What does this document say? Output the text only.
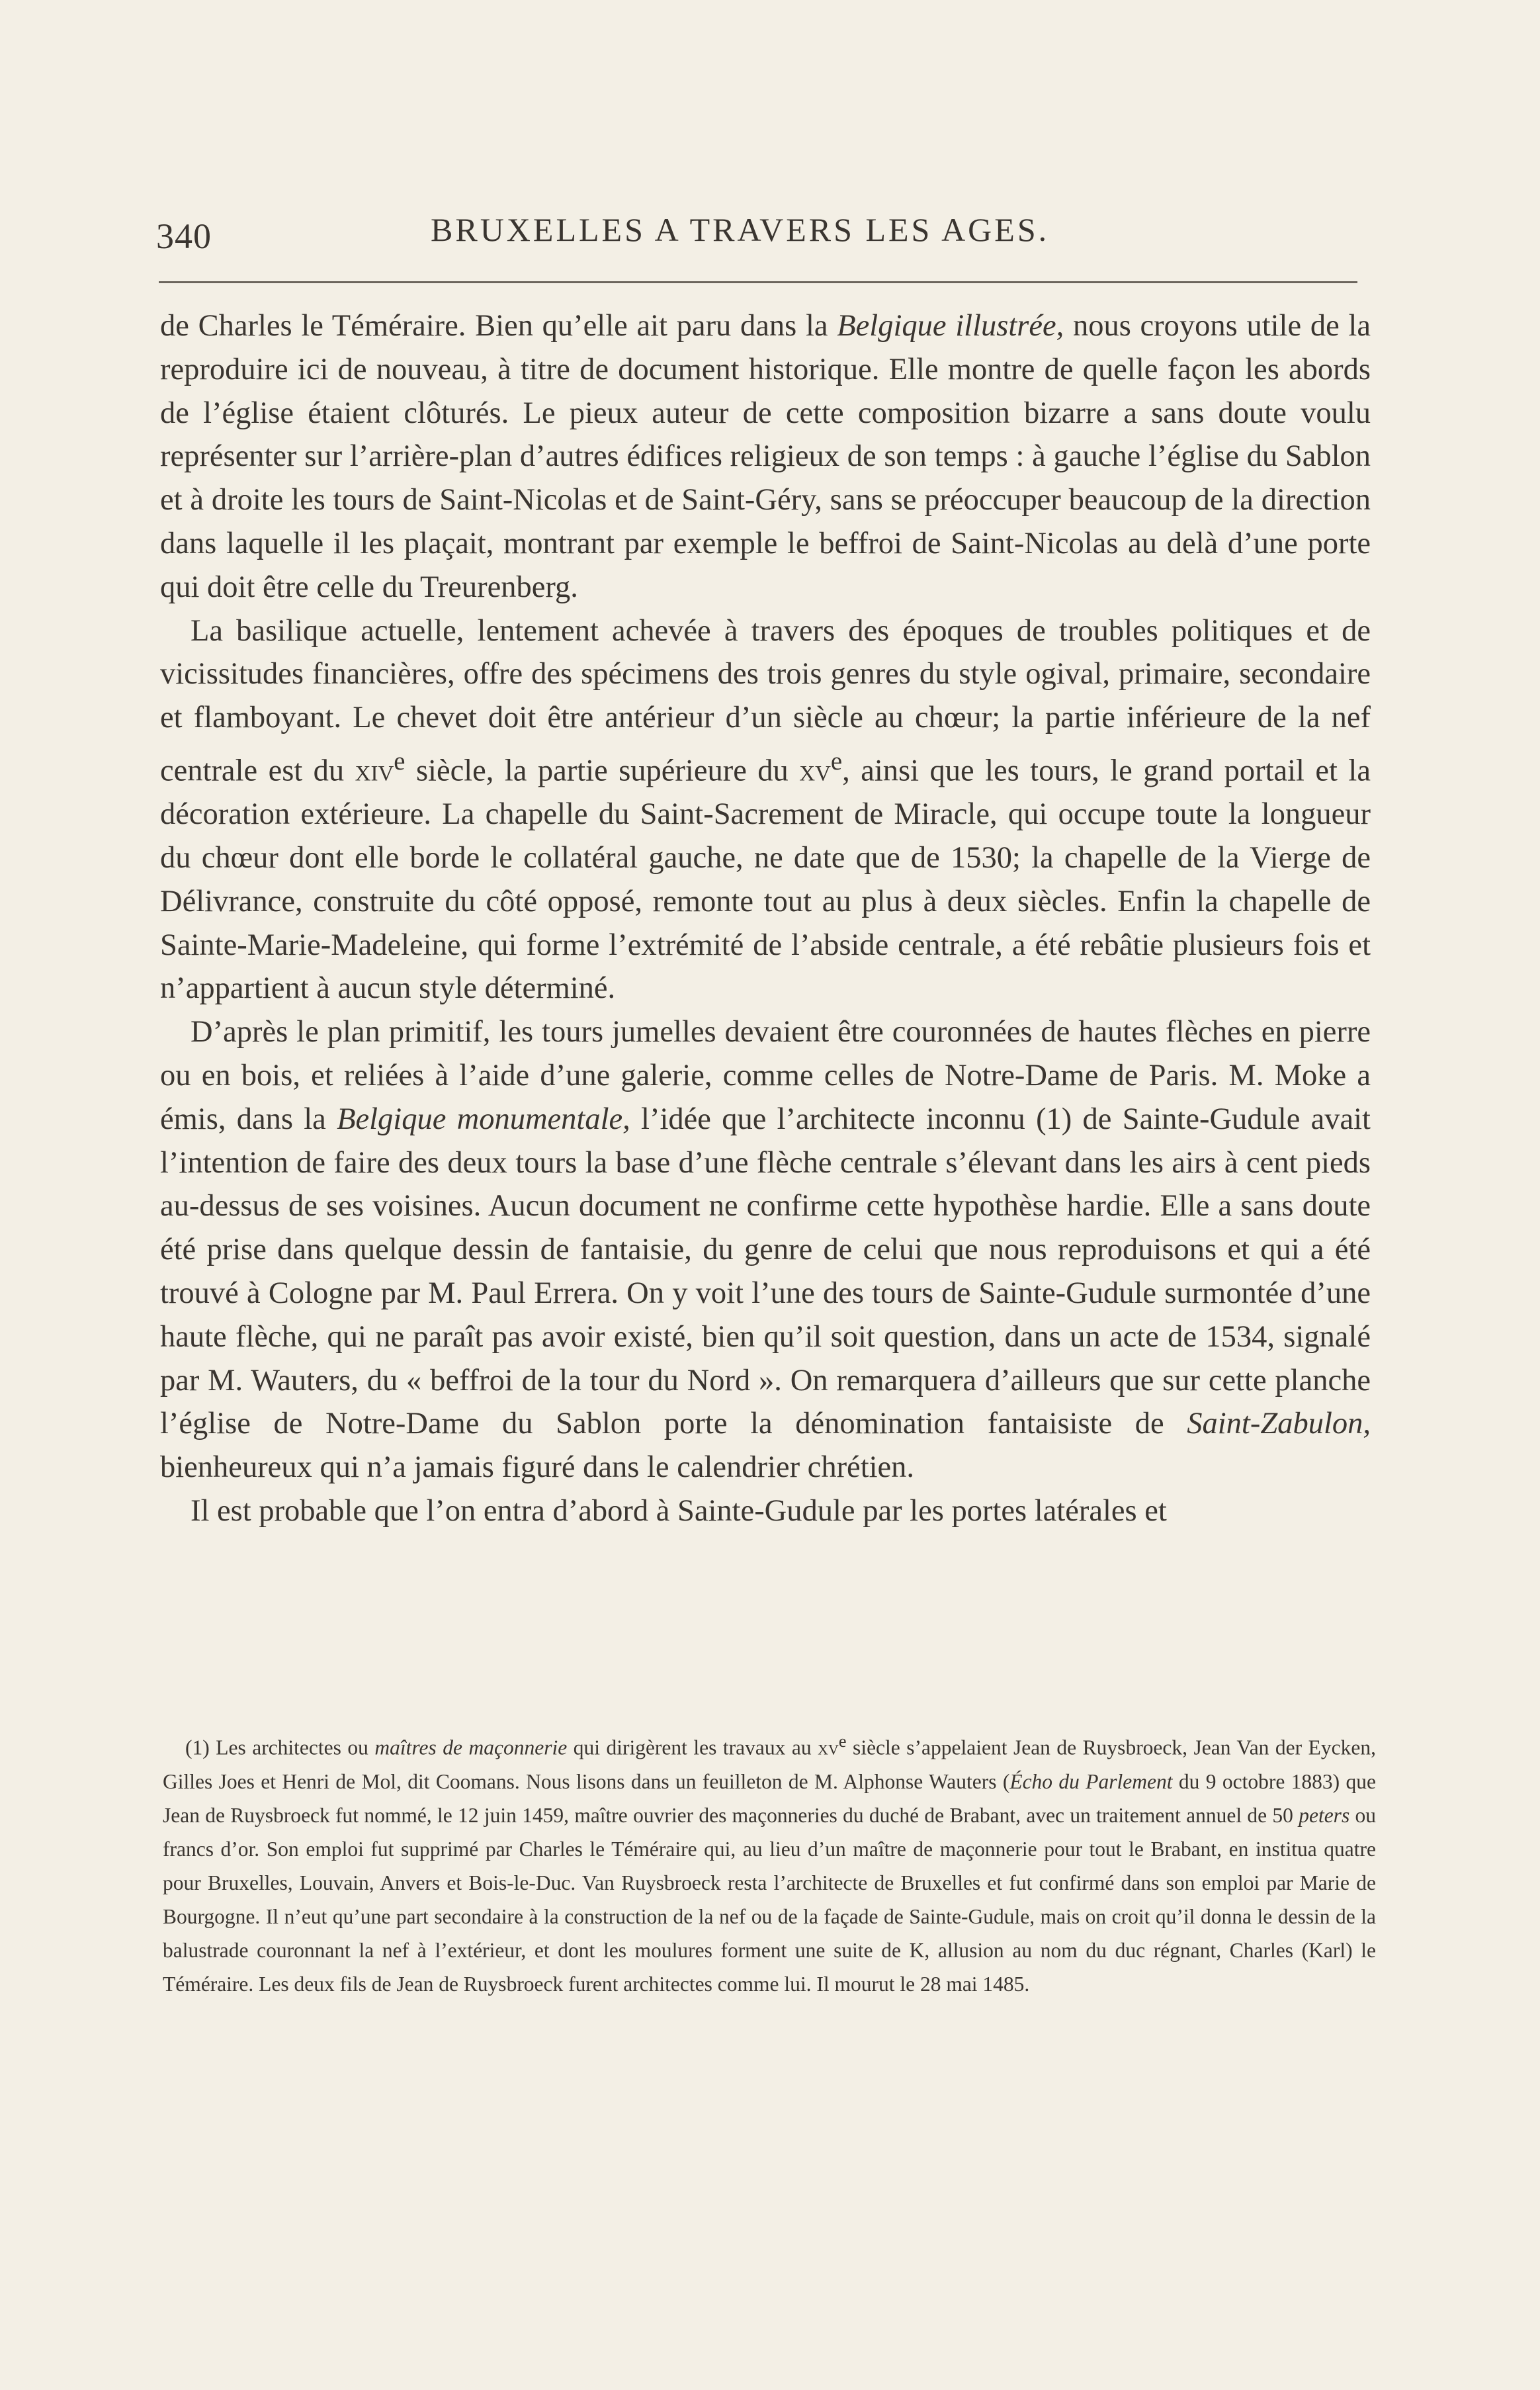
340	BRUXELLES A TRAVERS LES AGES.

de Charles le Téméraire. Bien qu’elle ait paru dans la Belgique illustrée, nous croyons utile de la reproduire ici de nouveau, à titre de document historique. Elle montre de quelle façon les abords de l’église étaient clôturés. Le pieux auteur de cette composition bizarre a sans doute voulu représenter sur l’arrière-plan d’autres édifices religieux de son temps : à gauche l’église du Sablon et à droite les tours de Saint-Nicolas et de Saint-Géry, sans se préoccuper beaucoup de la direction dans laquelle il les plaçait, montrant par exemple le beffroi de Saint-Nicolas au delà d’une porte qui doit être celle du Treurenberg.

La basilique actuelle, lentement achevée à travers des époques de troubles politiques et de vicissitudes financières, offre des spécimens des trois genres du style ogival, primaire, secondaire et flamboyant. Le chevet doit être antérieur d’un siècle au chœur; la partie inférieure de la nef centrale est du xiv$^e$ siècle, la partie supérieure du $xv^e$, ainsi que les tours, le grand portail et la décoration extérieure. La chapelle du Saint-Sacrement de Miracle, qui occupe toute la longueur du chœur dont elle borde le collatéral gauche, ne date que de 1530; la chapelle de la Vierge de Délivrance, construite du côté opposé, remonte tout au plus à deux siècles. Enfin la chapelle de Sainte-Marie-Madeleine, qui forme l’extrémité de l’abside centrale, a été rebâtie plusieurs fois et n’appartient à aucun style déterminé.

D’après le plan primitif, les tours jumelles devaient être couronnées de hautes flèches en pierre ou en bois, et reliées à l’aide d’une galerie, comme celles de Notre-Dame de Paris. M. Moke a émis, dans la Belgique monumentale, l’idée que l’architecte inconnu (1) de Sainte-Gudule avait l’intention de faire des deux tours la base d’une flèche centrale s’élevant dans les airs à cent pieds au-dessus de ses voisines. Aucun document ne confirme cette hypothèse hardie. Elle a sans doute été prise dans quelque dessin de fantaisie, du genre de celui que nous reproduisons et qui a été trouvé à Cologne par M. Paul Errera. On y voit l’une des tours de Sainte-Gudule surmontée d’une haute flèche, qui ne paraît pas avoir existé, bien qu’il soit question, dans un acte de 1534, signalé par M. Wauters, du « beffroi de la tour du Nord ». On remarquera d’ailleurs que sur cette planche l’église de Notre-Dame du Sablon porte la dénomination fantaisiste de Saint-Zabulon, bienheureux qui n’a jamais figuré dans le calendrier chrétien.

Il est probable que l’on entra d’abord à Sainte-Gudule par les portes latérales et

(1) Les architectes ou maîtres de maçonnerie qui dirigèrent les travaux au $xv^e$ siècle s’appelaient Jean de Ruysbroeck, Jean Van der Eycken, Gilles Joes et Henri de Mol, dit Coomans. Nous lisons dans un feuilleton de M. Alphonse Wauters (Écho du Parlement du 9 octobre 1883) que Jean de Ruysbroeck fut nommé, le 12 juin 1459, maître ouvrier des maçonneries du duché de Brabant, avec un traitement annuel de 50 peters ou francs d’or. Son emploi fut supprimé par Charles le Téméraire qui, au lieu d’un maître de maçonnerie pour tout le Brabant, en institua quatre pour Bruxelles, Louvain, Anvers et Bois-le-Duc. Van Ruysbroeck resta l’architecte de Bruxelles et fut confirmé dans son emploi par Marie de Bourgogne. Il n’eut qu’une part secondaire à la construction de la nef ou de la façade de Sainte-Gudule, mais on croit qu’il donna le dessin de la balustrade couronnant la nef à l’extérieur, et dont les moulures forment une suite de K, allusion au nom du duc régnant, Charles (Karl) le Téméraire. Les deux fils de Jean de Ruysbroeck furent architectes comme lui. Il mourut le 28 mai 1485.
